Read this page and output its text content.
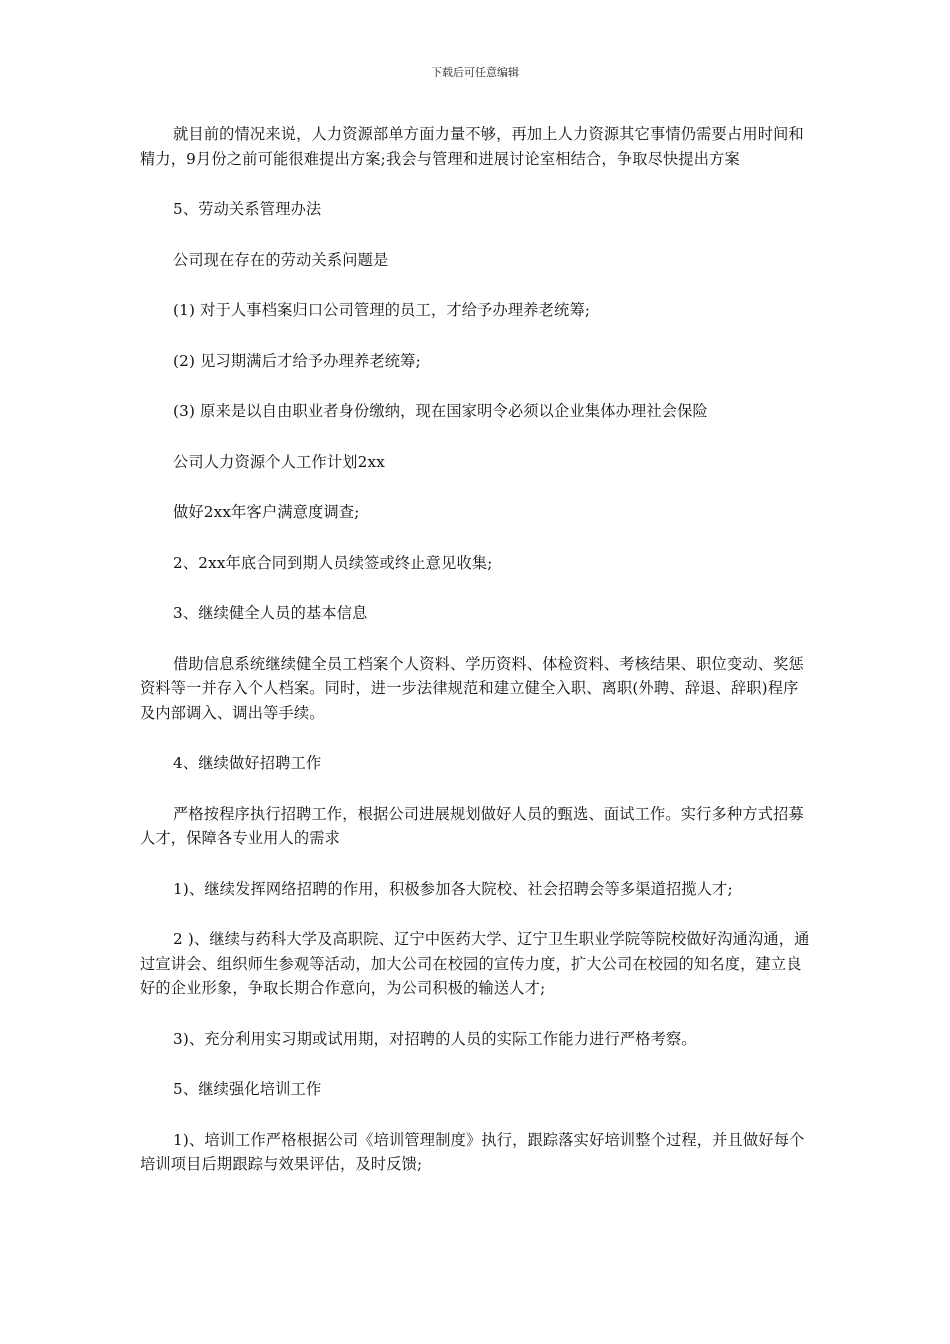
下载后可任意编辑

就目前的情况来说，人力资源部单方面力量不够，再加上人力资源其它事情仍需要占用时间和精力，9月份之前可能很难提出方案;我会与管理和进展讨论室相结合，争取尽快提出方案

5、劳动关系管理办法

公司现在存在的劳动关系问题是

(1) 对于人事档案归口公司管理的员工，才给予办理养老统筹;

(2) 见习期满后才给予办理养老统筹;

(3) 原来是以自由职业者身份缴纳，现在国家明令必须以企业集体办理社会保险

公司人力资源个人工作计划2xx

做好2xx年客户满意度调查;

2、2xx年底合同到期人员续签或终止意见收集;

3、继续健全人员的基本信息

借助信息系统继续健全员工档案个人资料、学历资料、体检资料、考核结果、职位变动、奖惩资料等一并存入个人档案。同时，进一步法律规范和建立健全入职、离职(外聘、辞退、辞职)程序及内部调入、调出等手续。

4、继续做好招聘工作

严格按程序执行招聘工作，根据公司进展规划做好人员的甄选、面试工作。实行多种方式招募人才，保障各专业用人的需求

1)、继续发挥网络招聘的作用，积极参加各大院校、社会招聘会等多渠道招揽人才;

2 )、继续与药科大学及高职院、辽宁中医药大学、辽宁卫生职业学院等院校做好沟通沟通，通过宣讲会、组织师生参观等活动，加大公司在校园的宣传力度，扩大公司在校园的知名度，建立良好的企业形象，争取长期合作意向，为公司积极的输送人才;

3)、充分利用实习期或试用期，对招聘的人员的实际工作能力进行严格考察。

5、继续强化培训工作

1)、培训工作严格根据公司《培训管理制度》执行，跟踪落实好培训整个过程，并且做好每个培训项目后期跟踪与效果评估，及时反馈;
